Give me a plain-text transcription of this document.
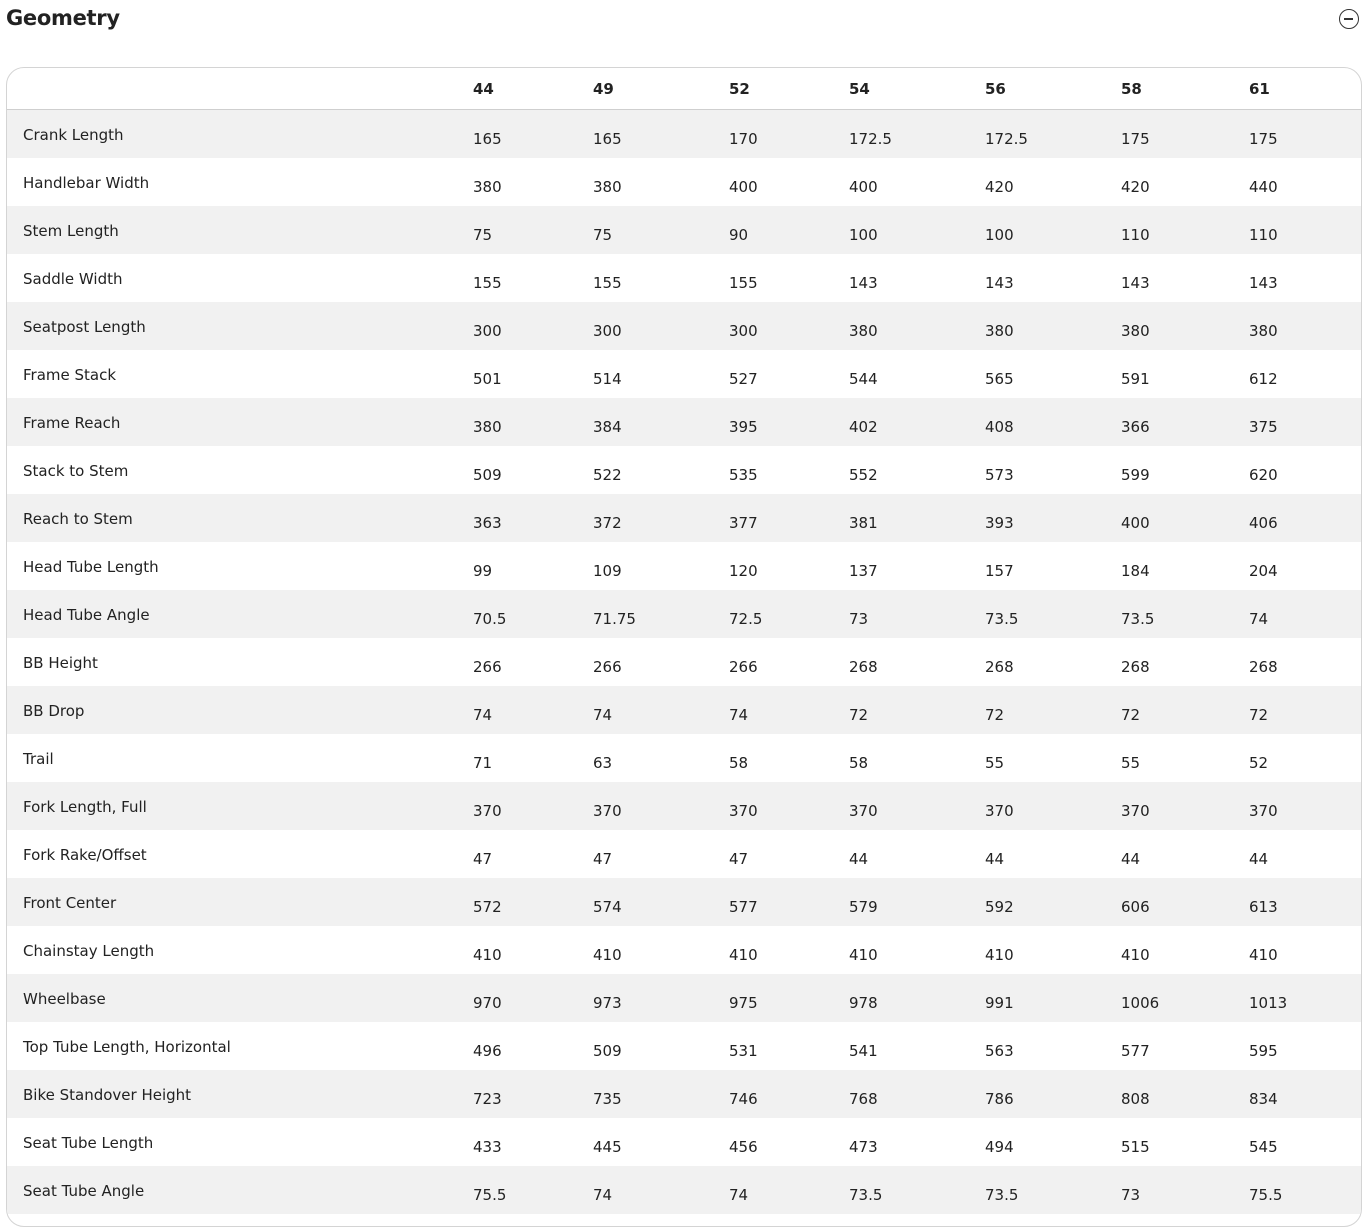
Geometry
	44	49	52	54	56	58	61
Crank Length	165	165	170	172.5	172.5	175	175
Handlebar Width	380	380	400	400	420	420	440
Stem Length	75	75	90	100	100	110	110
Saddle Width	155	155	155	143	143	143	143
Seatpost Length	300	300	300	380	380	380	380
Frame Stack	501	514	527	544	565	591	612
Frame Reach	380	384	395	402	408	366	375
Stack to Stem	509	522	535	552	573	599	620
Reach to Stem	363	372	377	381	393	400	406
Head Tube Length	99	109	120	137	157	184	204
Head Tube Angle	70.5	71.75	72.5	73	73.5	73.5	74
BB Height	266	266	266	268	268	268	268
BB Drop	74	74	74	72	72	72	72
Trail	71	63	58	58	55	55	52
Fork Length, Full	370	370	370	370	370	370	370
Fork Rake/Offset	47	47	47	44	44	44	44
Front Center	572	574	577	579	592	606	613
Chainstay Length	410	410	410	410	410	410	410
Wheelbase	970	973	975	978	991	1006	1013
Top Tube Length, Horizontal	496	509	531	541	563	577	595
Bike Standover Height	723	735	746	768	786	808	834
Seat Tube Length	433	445	456	473	494	515	545
Seat Tube Angle	75.5	74	74	73.5	73.5	73	75.5
